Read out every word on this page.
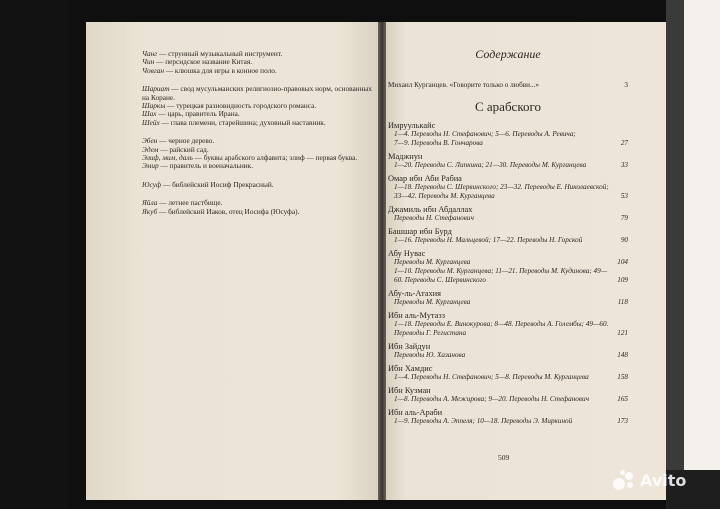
Чанг — струнный музыкальный инструмент.
Чин — персидское название Китая.
Човган — клюшка для игры в конное поло.
Шариат — свод мусульманских религиозно-правовых норм, основанных на Коране.
Шаркы — турецкая разновидность городского романса.
Шах — царь, правитель Ирана.
Шейх — глава племени, старейшина; духовный наставник.
Эбен — черное дерево.
Эдем — райский сад.
Элиф, мим, даль — буквы арабского алфавита; элиф — первая буква.
Эмир — правитель и военачальник.
Юсуф — библейский Иосиф Прекрасный.
Яйла — летнее пастбище.
Якуб — библейский Иаков, отец Иосифа (Юсуфа).
Содержание
Михаил Курганцев. «Говорите только о любви...»	3
С арабского
Имруулькайс
1—4. Переводы Н. Стефанович; 5—6. Переводы А. Ревича;
7—9. Переводы В. Гончарова	27
Маджнун
1—20. Переводы С. Липкина; 21—30. Переводы М. Курганцева	33
Омар ибн Аби Рабиа
1—18. Переводы С. Шервинского; 23—32. Переводы Е. Николаевской; 33—42. Переводы М. Курганцева	53
Джамиль ибн Абдаллах
Переводы Н. Стефанович	79
Башшар ибн Бурд
1—16. Переводы Н. Мальцевой; 17—22. Переводы Н. Горской	90
Абу Нувас
Переводы М. Курганцева	104
1—10. Переводы М. Курганцева; 11—21. Переводы М. Кудинова; 49—60. Переводы С. Шервинского	109
Абу-ль-Атахия
Переводы М. Курганцева	118
Ибн аль-Мутазз
1—18. Переводы Е. Винокурова; 8—48. Переводы А. Голембы; 49—60. Переводы Г. Регистана	121
Ибн Зайдун
Переводы Ю. Хазанова	148
Ибн Хамдис
1—4. Переводы Н. Стефанович; 5—8. Переводы М. Курганцева	158
Ибн Кузман
1—8. Переводы А. Межирова; 9—20. Переводы Н. Стефанович	165
Ибн аль-Араби
1—9. Переводы А. Эппеля; 10—18. Переводы Э. Миркиной	173
509
Avito
